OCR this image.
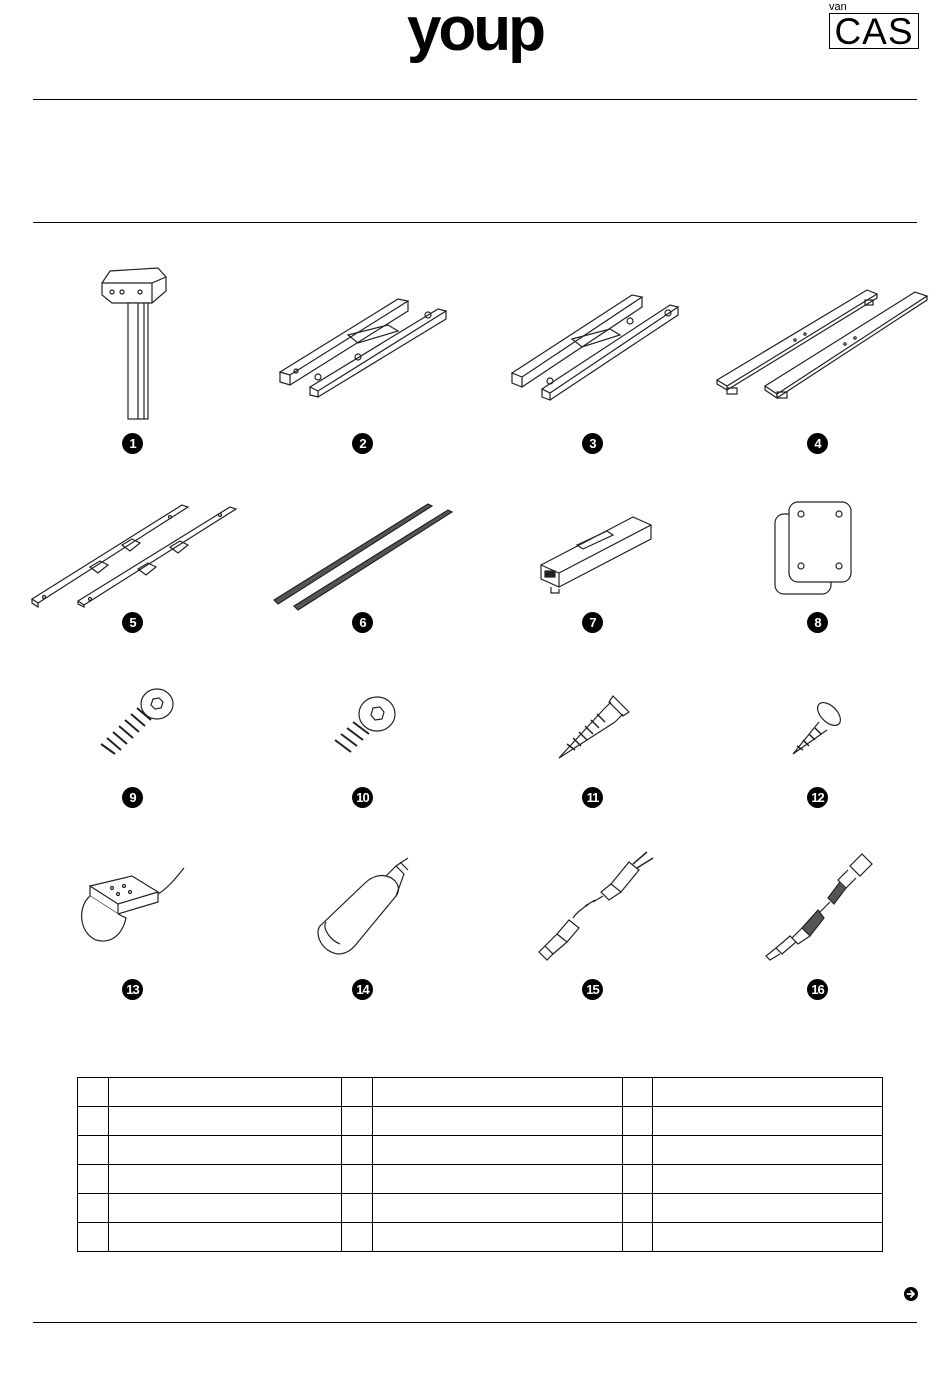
youp	van
CAS
1	2	3	4
5	6	7	8
9	10	11	12
13	14	15	16
